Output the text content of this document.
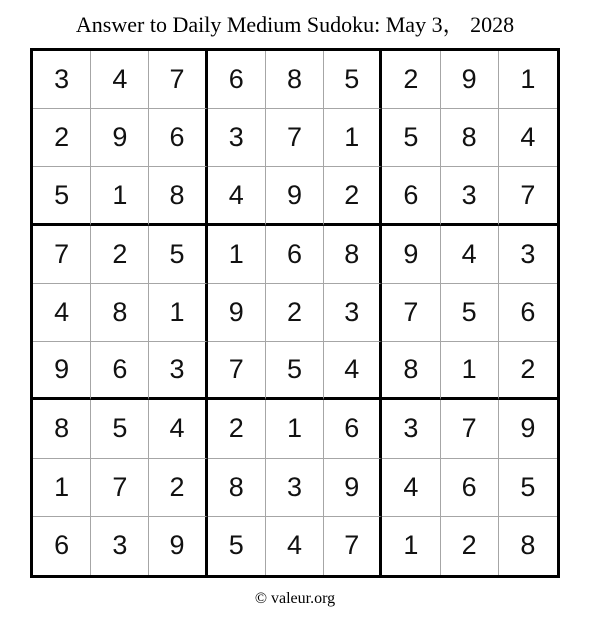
Answer to Daily Medium Sudoku: May 3， 2028
3	4	7	6	8	5	2	9	1
2	9	6	3	7	1	5	8	4
5	1	8	4	9	2	6	3	7
7	2	5	1	6	8	9	4	3
4	8	1	9	2	3	7	5	6
9	6	3	7	5	4	8	1	2
8	5	4	2	1	6	3	7	9
1	7	2	8	3	9	4	6	5
6	3	9	5	4	7	1	2	8
© valeur.org
